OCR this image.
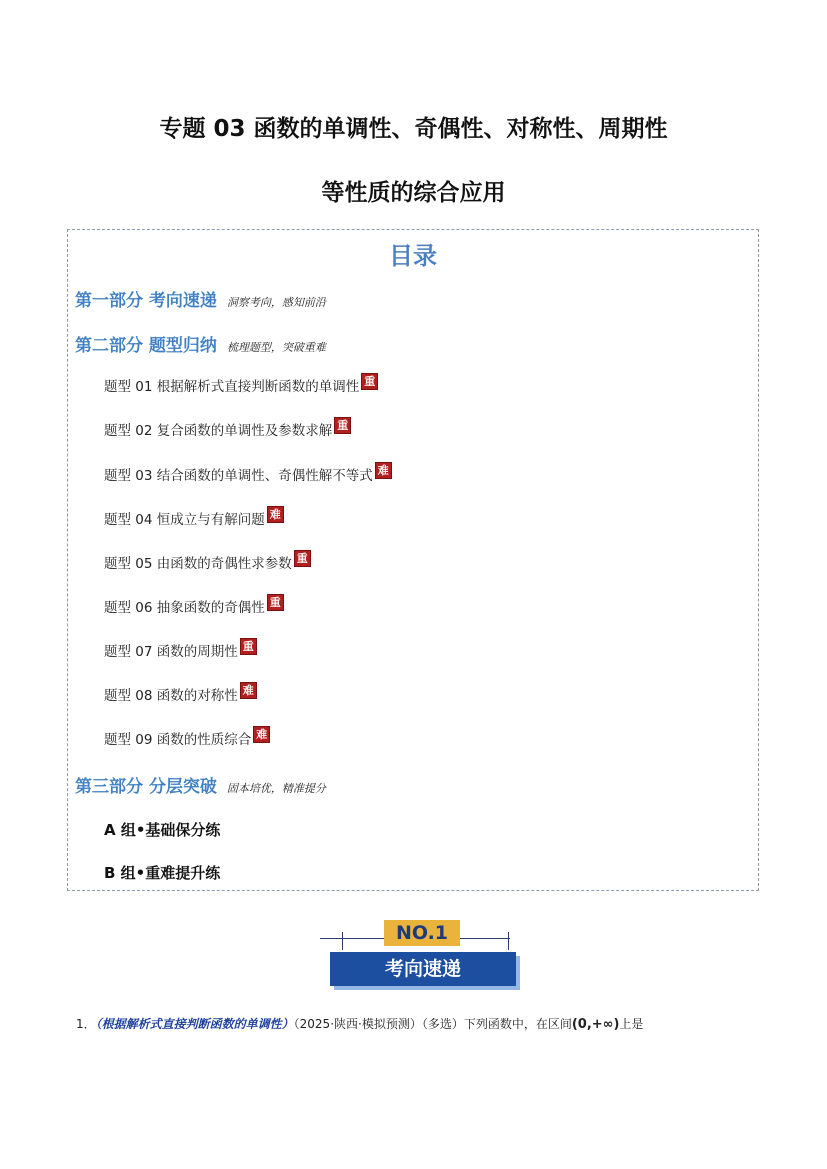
专题 03 函数的单调性、奇偶性、对称性、周期性
等性质的综合应用
目录
第一部分 考向速递 洞察考向，感知前沿
第二部分 题型归纳 梳理题型，突破重难
题型 01 根据解析式直接判断函数的单调性 重
题型 02 复合函数的单调性及参数求解 重
题型 03 结合函数的单调性、奇偶性解不等式 难
题型 04 恒成立与有解问题 难
题型 05 由函数的奇偶性求参数 重
题型 06 抽象函数的奇偶性 重
题型 07 函数的周期性 重
题型 08 函数的对称性 难
题型 09 函数的性质综合 难
第三部分 分层突破 固本培优，精准提分
A 组•基础保分练
B 组•重难提升练
NO.1
考向速递
1．（根据解析式直接判断函数的单调性）（2025·陕西·模拟预测）（多选）下列函数中，在区间(0,+∞)上是
